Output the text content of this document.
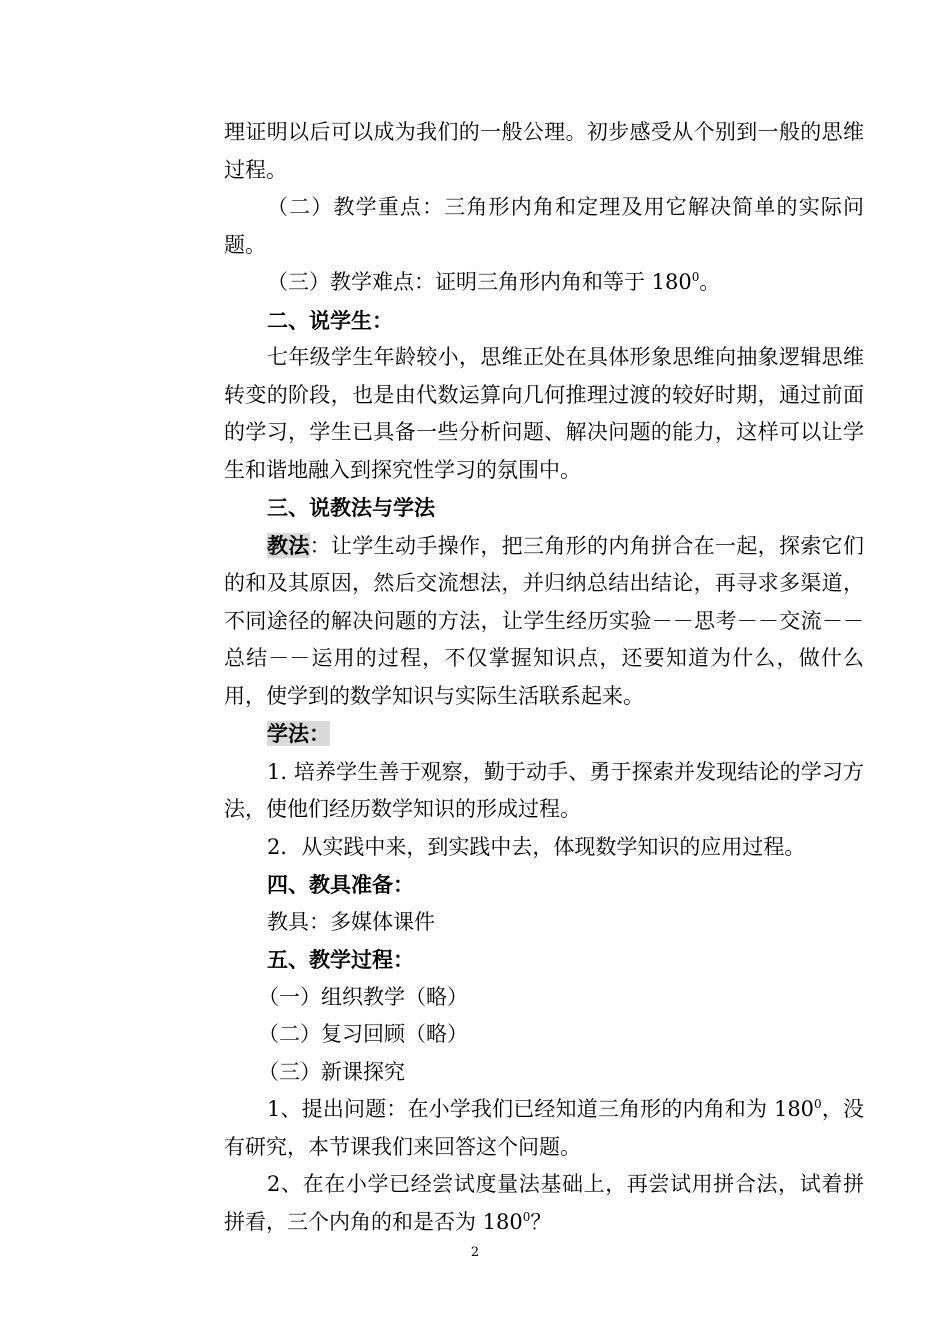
理证明以后可以成为我们的一般公理。初步感受从个别到一般的思维过程。

（二）教学重点：三角形内角和定理及用它解决简单的实际问题。

（三）教学难点：证明三角形内角和等于 $180^0$。

二、说学生：

七年级学生年龄较小，思维正处在具体形象思维向抽象逻辑思维转变的阶段，也是由代数运算向几何推理过渡的较好时期，通过前面的学习，学生已具备一些分析问题、解决问题的能力，这样可以让学生和谐地融入到探究性学习的氛围中。

三、说教法与学法

教法：让学生动手操作，把三角形的内角拼合在一起，探索它们的和及其原因，然后交流想法，并归纳总结出结论，再寻求多渠道，不同途径的解决问题的方法，让学生经历实验－－思考－－交流－－总结－－运用的过程，不仅掌握知识点，还要知道为什么，做什么用，使学到的数学知识与实际生活联系起来。

学法：

1. 培养学生善于观察，勤于动手、勇于探索并发现结论的学习方法，使他们经历数学知识的形成过程。

2．从实践中来，到实践中去，体现数学知识的应用过程。

四、教具准备：

教具：多媒体课件

五、教学过程：

（一）组织教学（略）

（二）复习回顾（略）

（三）新课探究

1、提出问题：在小学我们已经知道三角形的内角和为 $180^0$，没有研究，本节课我们来回答这个问题。

2、在在小学已经尝试度量法基础上，再尝试用拼合法，试着拼拼看，三个内角的和是否为 $180^0$？

2
